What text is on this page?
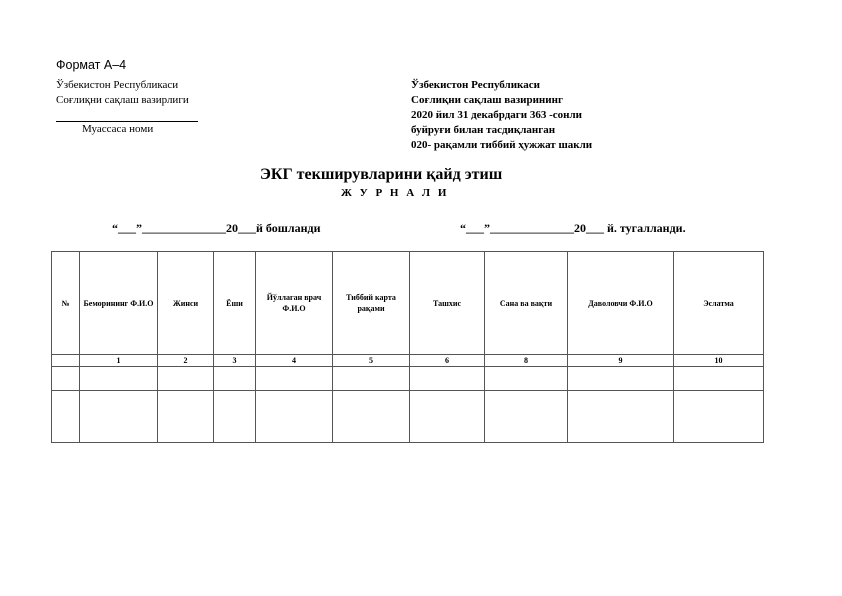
Формат А–4
Ўзбекистон Республикаси
Соғлиқни сақлаш вазирлиги
Муассаса номи
Ўзбекистон Республикаси
Соғлиқни сақлаш вазирининг
2020 йил 31 декабрдаги 363 -сонли
буйруғи билан тасдиқланган
020- рақамли тиббий ҳужжат шакли
ЭКГ текширувларини қайд этиш
Ж У Р Н А Л И
“___”______________20___й бошланди	“___”______________20___ й. тугалланди.
№	Беморининг Ф.И.О	Жинси	Ёши	Йўллаган врач Ф.И.О	Тиббий карта рақами	Ташхис	Сана ва вақти	Даволовчи Ф.И.О	Эслатма
	1	2	3	4	5	6	8	9	10
